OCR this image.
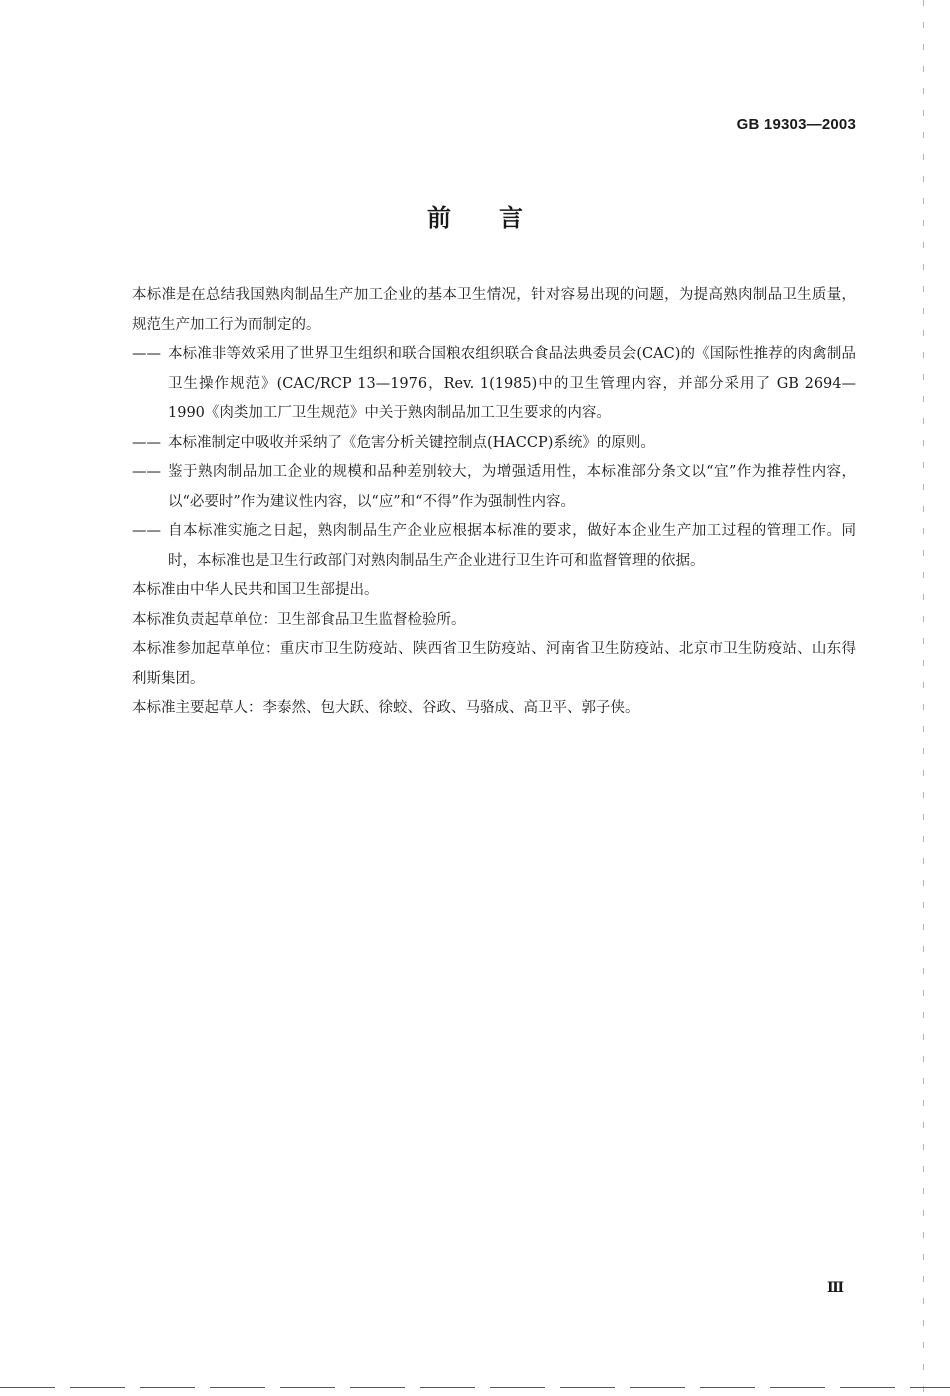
GB 19303—2003
前言

本标准是在总结我国熟肉制品生产加工企业的基本卫生情况，针对容易出现的问题，为提高熟肉制品卫生质量，规范生产加工行为而制定的。

—— 本标准非等效采用了世界卫生组织和联合国粮农组织联合食品法典委员会(CAC)的《国际性推荐的肉禽制品卫生操作规范》(CAC/RCP 13—1976，Rev. 1(1985)中的卫生管理内容，并部分采用了 GB 2694—1990《肉类加工厂卫生规范》中关于熟肉制品加工卫生要求的内容。
—— 本标准制定中吸收并采纳了《危害分析关键控制点(HACCP)系统》的原则。
—— 鉴于熟肉制品加工企业的规模和品种差别较大，为增强适用性，本标准部分条文以“宜”作为推荐性内容，以“必要时”作为建议性内容，以“应”和“不得”作为强制性内容。
—— 自本标准实施之日起，熟肉制品生产企业应根据本标准的要求，做好本企业生产加工过程的管理工作。同时，本标准也是卫生行政部门对熟肉制品生产企业进行卫生许可和监督管理的依据。

本标准由中华人民共和国卫生部提出。

本标准负责起草单位：卫生部食品卫生监督检验所。

本标准参加起草单位：重庆市卫生防疫站、陕西省卫生防疫站、河南省卫生防疫站、北京市卫生防疫站、山东得利斯集团。

本标准主要起草人：李泰然、包大跃、徐蛟、谷政、马骆成、高卫平、郭子侠。

Ⅲ
